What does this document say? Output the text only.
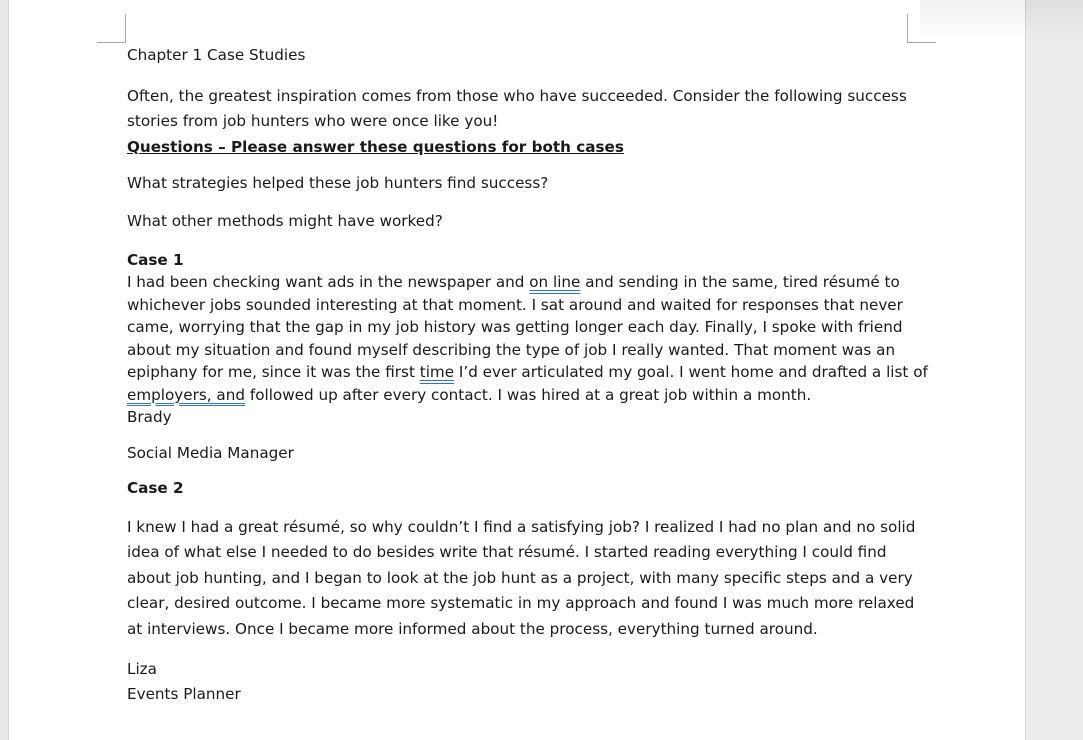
Chapter 1 Case Studies

Often, the greatest inspiration comes from those who have succeeded. Consider the following success

stories from job hunters who were once like you!

Questions – Please answer these questions for both cases

What strategies helped these job hunters find success?

What other methods might have worked?

Case 1

I had been checking want ads in the newspaper and on line and sending in the same, tired résumé to

whichever jobs sounded interesting at that moment. I sat around and waited for responses that never

came, worrying that the gap in my job history was getting longer each day. Finally, I spoke with friend

about my situation and found myself describing the type of job I really wanted. That moment was an

epiphany for me, since it was the first time I’d ever articulated my goal. I went home and drafted a list of

employers, and followed up after every contact. I was hired at a great job within a month.

Brady

Social Media Manager

Case 2

I knew I had a great résumé, so why couldn’t I find a satisfying job? I realized I had no plan and no solid

idea of what else I needed to do besides write that résumé. I started reading everything I could find

about job hunting, and I began to look at the job hunt as a project, with many specific steps and a very

clear, desired outcome. I became more systematic in my approach and found I was much more relaxed

at interviews. Once I became more informed about the process, everything turned around.

Liza

Events Planner
